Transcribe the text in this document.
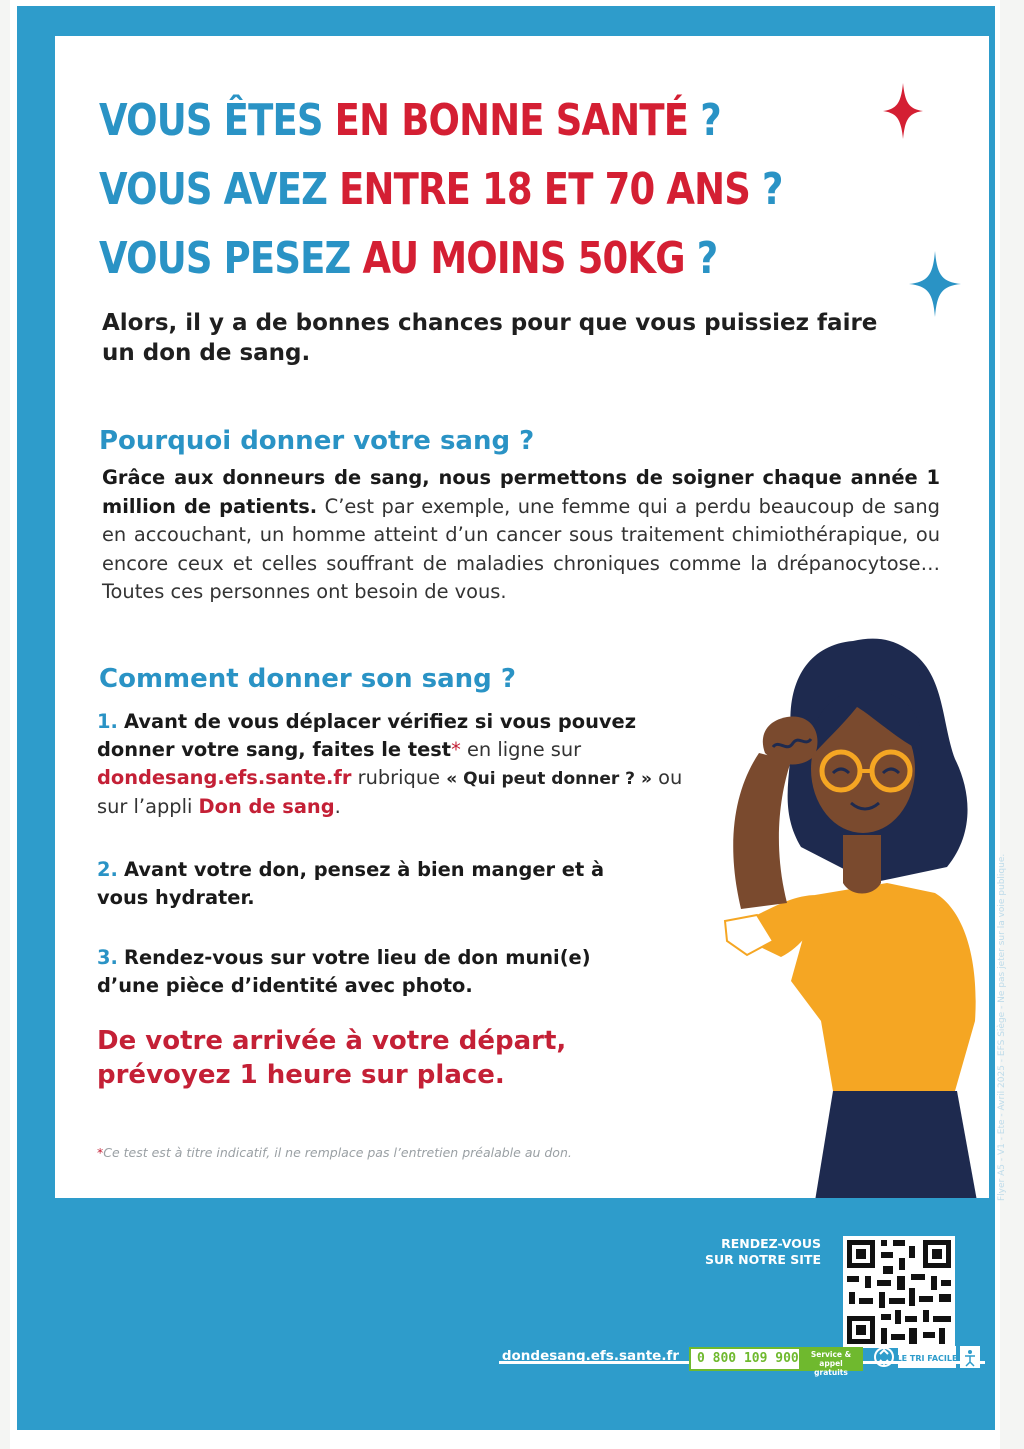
VOUS ÊTES EN BONNE SANTÉ ?
VOUS AVEZ ENTRE 18 ET 70 ANS ?
VOUS PESEZ AU MOINS 50KG ?

Alors, il y a de bonnes chances pour que vous puissiez faire un don de sang.

Pourquoi donner votre sang ?

Grâce aux donneurs de sang, nous permettons de soigner chaque année 1 million de patients. C’est par exemple, une femme qui a perdu beaucoup de sang en accouchant, un homme atteint d’un cancer sous traitement chimiothérapique, ou encore ceux et celles souffrant de maladies chroniques comme la drépanocytose… Toutes ces personnes ont besoin de vous.

Comment donner son sang ?

1. Avant de vous déplacer vérifiez si vous pouvez donner votre sang, faites le test* en ligne sur dondesang.efs.sante.fr rubrique « Qui peut donner ? » ou sur l’appli Don de sang.

2. Avant votre don, pensez à bien manger et à vous hydrater.

3. Rendez-vous sur votre lieu de don muni(e) d’une pièce d’identité avec photo.

De votre arrivée à votre départ,
prévoyez 1 heure sur place.

*Ce test est à titre indicatif, il ne remplace pas l’entretien préalable au don.	Flyer A5 - V1 - Ete - Avril 2025 - EFS Siège - Ne pas jeter sur la voie publique.

RENDEZ-VOUS
SUR NOTRE SITE

dondesang.efs.sante.fr	0 800 109 900	Service & appel
gratuits
LE TRI FACILE
